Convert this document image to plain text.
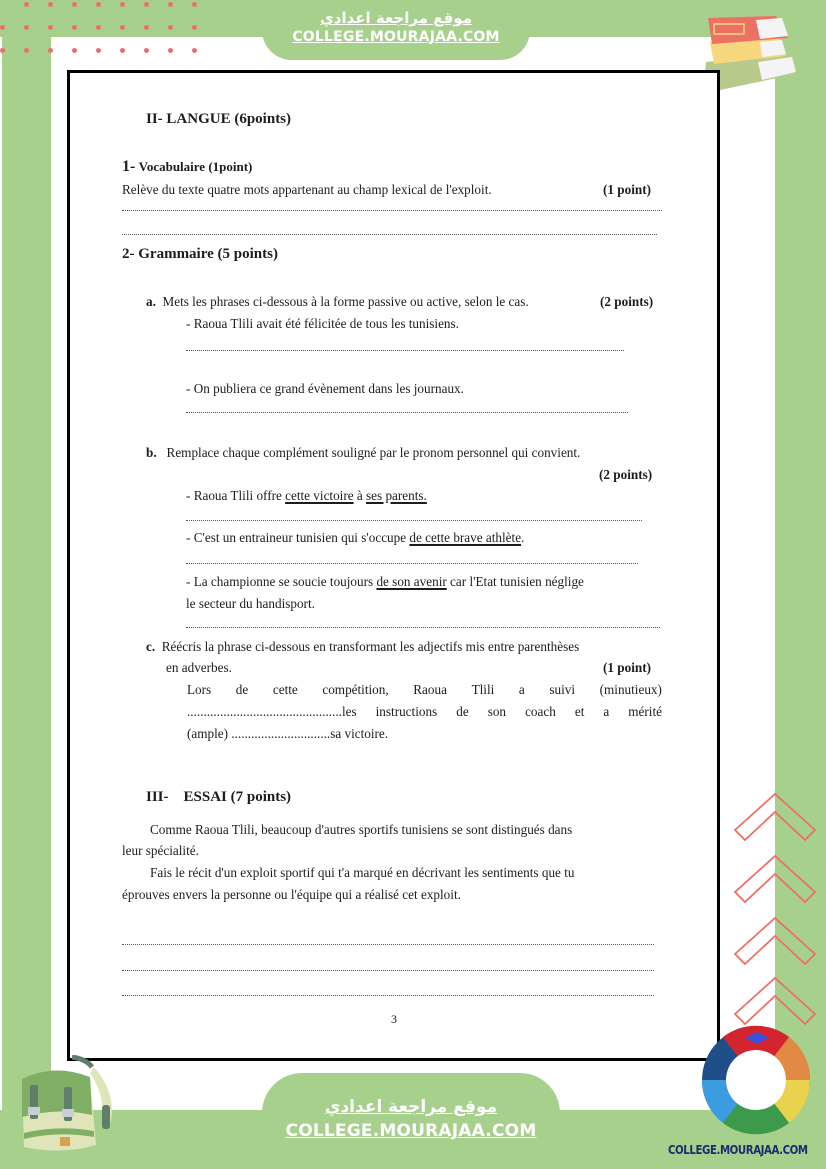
موقع مراجعة اعدادي
COLLEGE.MOURAJAA.COM
II- LANGUE (6points)
1- Vocabulaire (1point)
Relève du texte quatre mots appartenant au champ lexical de l'exploit.	(1 point)
2- Grammaire (5 points)
a. Mets les phrases ci-dessous à la forme passive ou active, selon le cas.	(2 points)
- Raoua Tlili avait été félicitée de tous les tunisiens.
- On publiera ce grand évènement dans les journaux.
b. Remplace chaque complément souligné par le pronom personnel qui convient.
(2 points)
- Raoua Tlili offre cette victoire à ses parents.
- C'est un entraineur tunisien qui s'occupe de cette brave athlète.
- La championne se soucie toujours de son avenir car l'Etat tunisien néglige
le secteur du handisport.
c. Réécris la phrase ci-dessous en transformant les adjectifs mis entre parenthèses
en adverbes.	(1 point)
Lors de cette compétition, Raoua Tlili a suivi (minutieux)
...............................................les instructions de son coach et a mérité
(ample) ..............................sa victoire.
III- ESSAI (7 points)
Comme Raoua Tlili, beaucoup d'autres sportifs tunisiens se sont distingués dans
leur spécialité.
Fais le récit d'un exploit sportif qui t'a marqué en décrivant les sentiments que tu
éprouves envers la personne ou l'équipe qui a réalisé cet exploit.
3
موقع مراجعة اعدادي
COLLEGE.MOURAJAA.COM
COLLEGE.MOURAJAA.COM
